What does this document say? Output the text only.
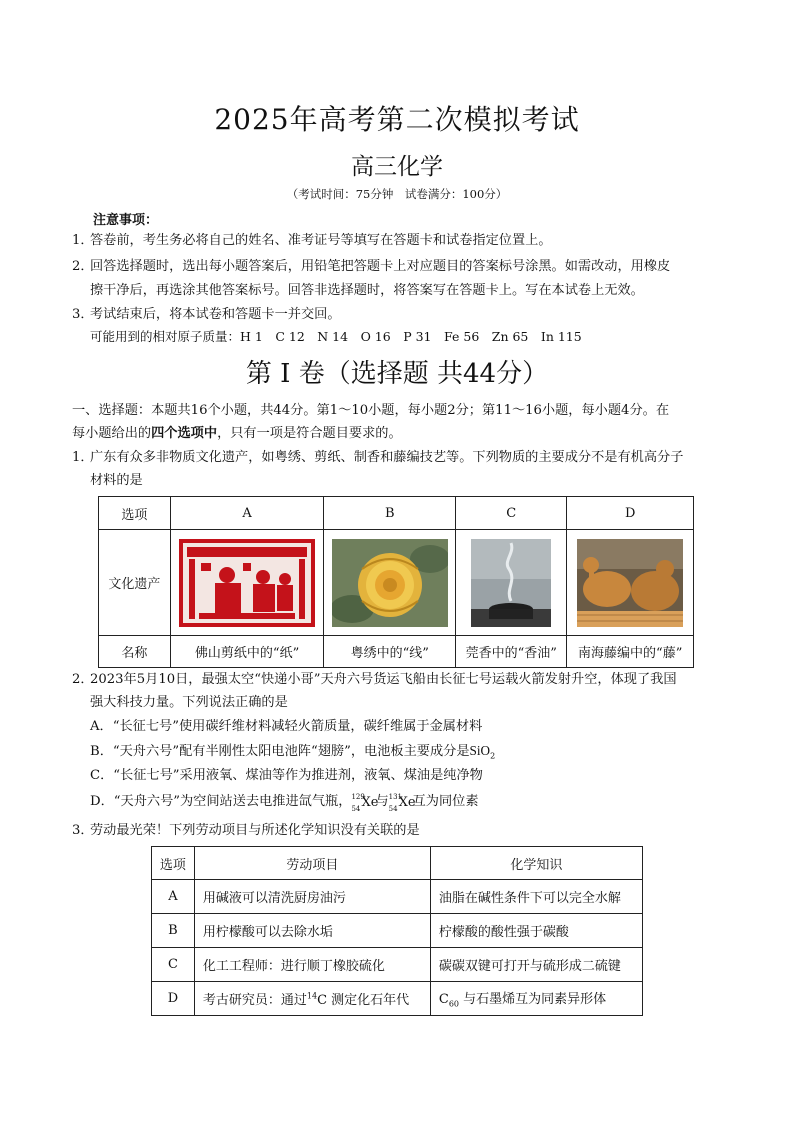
2025年高考第二次模拟考试
高三化学
（考试时间：75分钟　试卷满分：100分）
注意事项：
1．答卷前，考生务必将自己的姓名、准考证号等填写在答题卡和试卷指定位置上。
2．回答选择题时，选出每小题答案后，用铅笔把答题卡上对应题目的答案标号涂黑。如需改动，用橡皮
擦干净后，再选涂其他答案标号。回答非选择题时，将答案写在答题卡上。写在本试卷上无效。
3．考试结束后，将本试卷和答题卡一并交回。
可能用到的相对原子质量：H 1　C 12　N 14　O 16　P 31　Fe 56　Zn 65　In 115
第 I 卷（选择题 共44分）
一、选择题：本题共16个小题，共44分。第1～10小题，每小题2分；第11～16小题，每小题4分。在
每小题给出的四个选项中，只有一项是符合题目要求的。
1．广东有众多非物质文化遗产，如粤绣、剪纸、制香和藤编技艺等。下列物质的主要成分不是有机高分子
材料的是
选项	A	B	C	D
文化遗产	

名称	佛山剪纸中的“纸”	粤绣中的“线”	莞香中的“香油”	南海藤编中的“藤”
2．2023年5月10日，最强太空“快递小哥”天舟六号货运飞船由长征七号运载火箭发射升空，体现了我国
强大科技力量。下列说法正确的是
A．“长征七号”使用碳纤维材料减轻火箭质量，碳纤维属于金属材料
B．“天舟六号”配有半刚性太阳电池阵“翅膀”，电池板主要成分是SiO$_2$
C．“长征七号”采用液氧、煤油等作为推进剂，液氧、煤油是纯净物
D．“天舟六号”为空间站送去电推进氙气瓶， 129
54 Xe
与 131
54 Xe
互为同位素
3．劳动最光荣！下列劳动项目与所述化学知识没有关联的是
选项	劳动项目	化学知识
A	用碱液可以清洗厨房油污	油脂在碱性条件下可以完全水解
B	用柠檬酸可以去除水垢	柠檬酸的酸性强于碳酸
C	化工工程师：进行顺丁橡胶硫化	碳碳双键可打开与硫形成二硫键
D	考古研究员：通过$^{14}$C 测定化石年代	$C_{60}$ 与石墨烯互为同素异形体
